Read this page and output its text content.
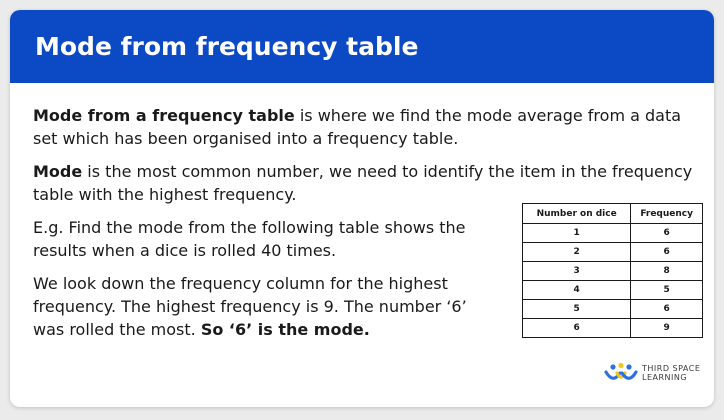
Mode from frequency table

Mode from a frequency table is where we find the mode average from a data set which has been organised into a frequency table.

Mode is the most common number, we need to identify the item in the frequency table with the highest frequency.

E.g. Find the mode from the following table shows the results when a dice is rolled 40 times.

We look down the frequency column for the highest frequency. The highest frequency is 9. The number ‘6’ was rolled the most. So ‘6’ is the mode.

Number on dice	Frequency
1	6
2	6
3	8
4	5
5	6
6	9
THIRD SPACE
LEARNING
